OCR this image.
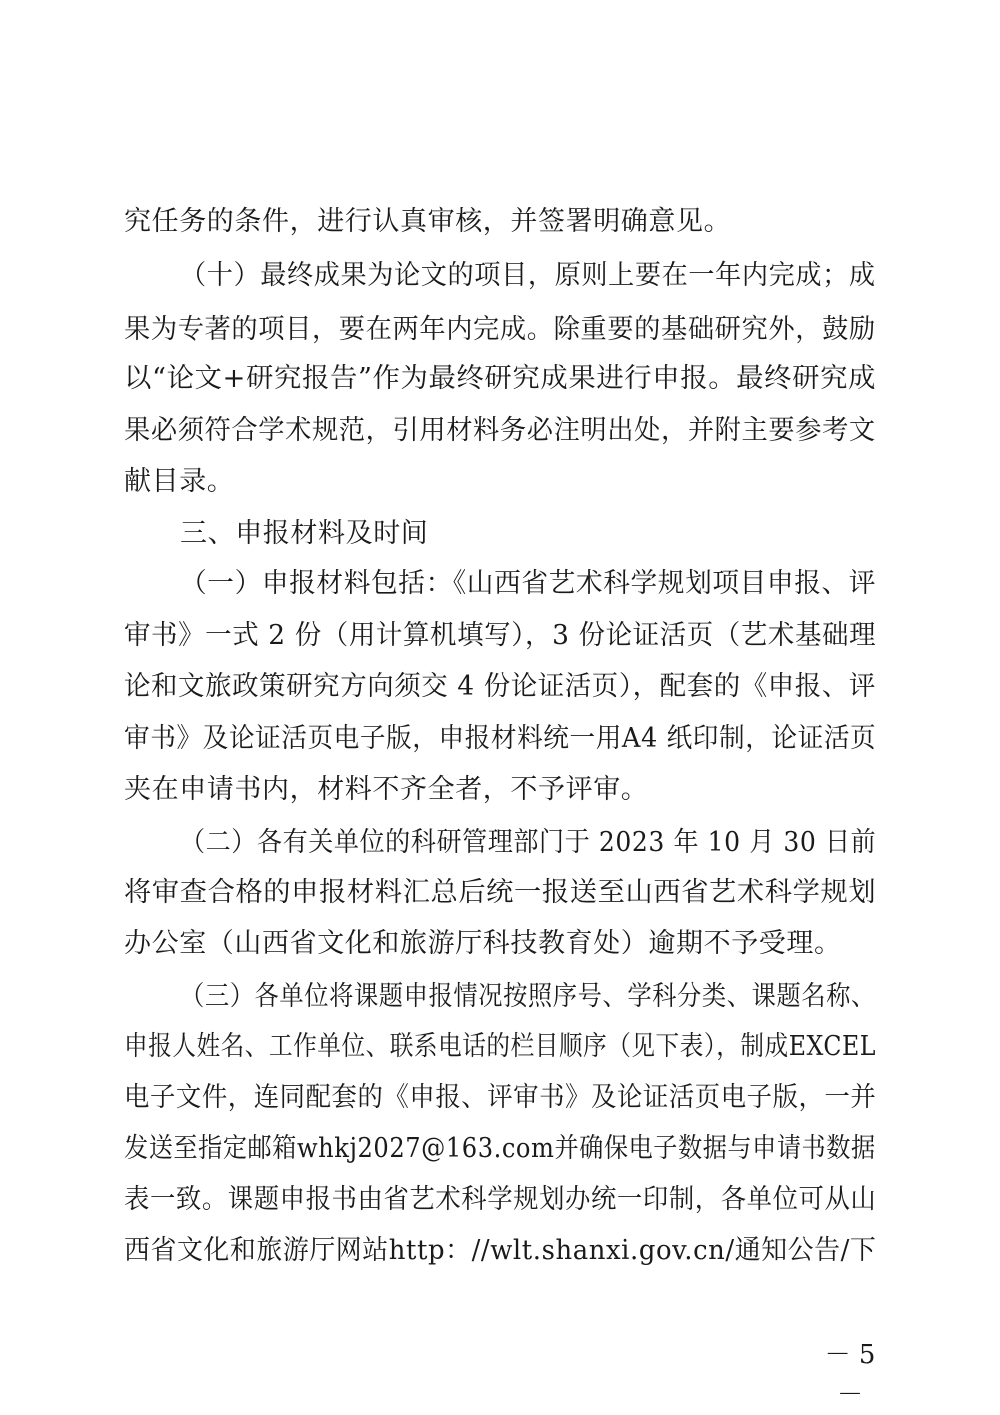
究任务的条件，进行认真审核，并签署明确意见。
（十）最终成果为论文的项目，原则上要在一年内完成；成
果为专著的项目，要在两年内完成。除重要的基础研究外，鼓励
以“论文+研究报告”作为最终研究成果进行申报。最终研究成
果必须符合学术规范，引用材料务必注明出处，并附主要参考文
献目录。
三、申报材料及时间
（一）申报材料包括：《山西省艺术科学规划项目申报、评
审书》一式 2 份（用计算机填写），3 份论证活页（艺术基础理
论和文旅政策研究方向须交 4 份论证活页），配套的《申报、评
审书》及论证活页电子版，申报材料统一用A4 纸印制，论证活页
夹在申请书内，材料不齐全者，不予评审。
（二）各有关单位的科研管理部门于 2023 年 10 月 30 日前
将审查合格的申报材料汇总后统一报送至山西省艺术科学规划
办公室（山西省文化和旅游厅科技教育处）逾期不予受理。
（三）各单位将课题申报情况按照序号、学科分类、课题名称、
申报人姓名、工作单位、联系电话的栏目顺序（见下表），制成EXCEL
电子文件，连同配套的《申报、评审书》及论证活页电子版，一并
发送至指定邮箱whkj2027@163.com并确保电子数据与申请书数据
表一致。课题申报书由省艺术科学规划办统一印制，各单位可从山
西省文化和旅游厅网站http：//wlt.shanxi.gov.cn/通知公告/下
－ 5 －
